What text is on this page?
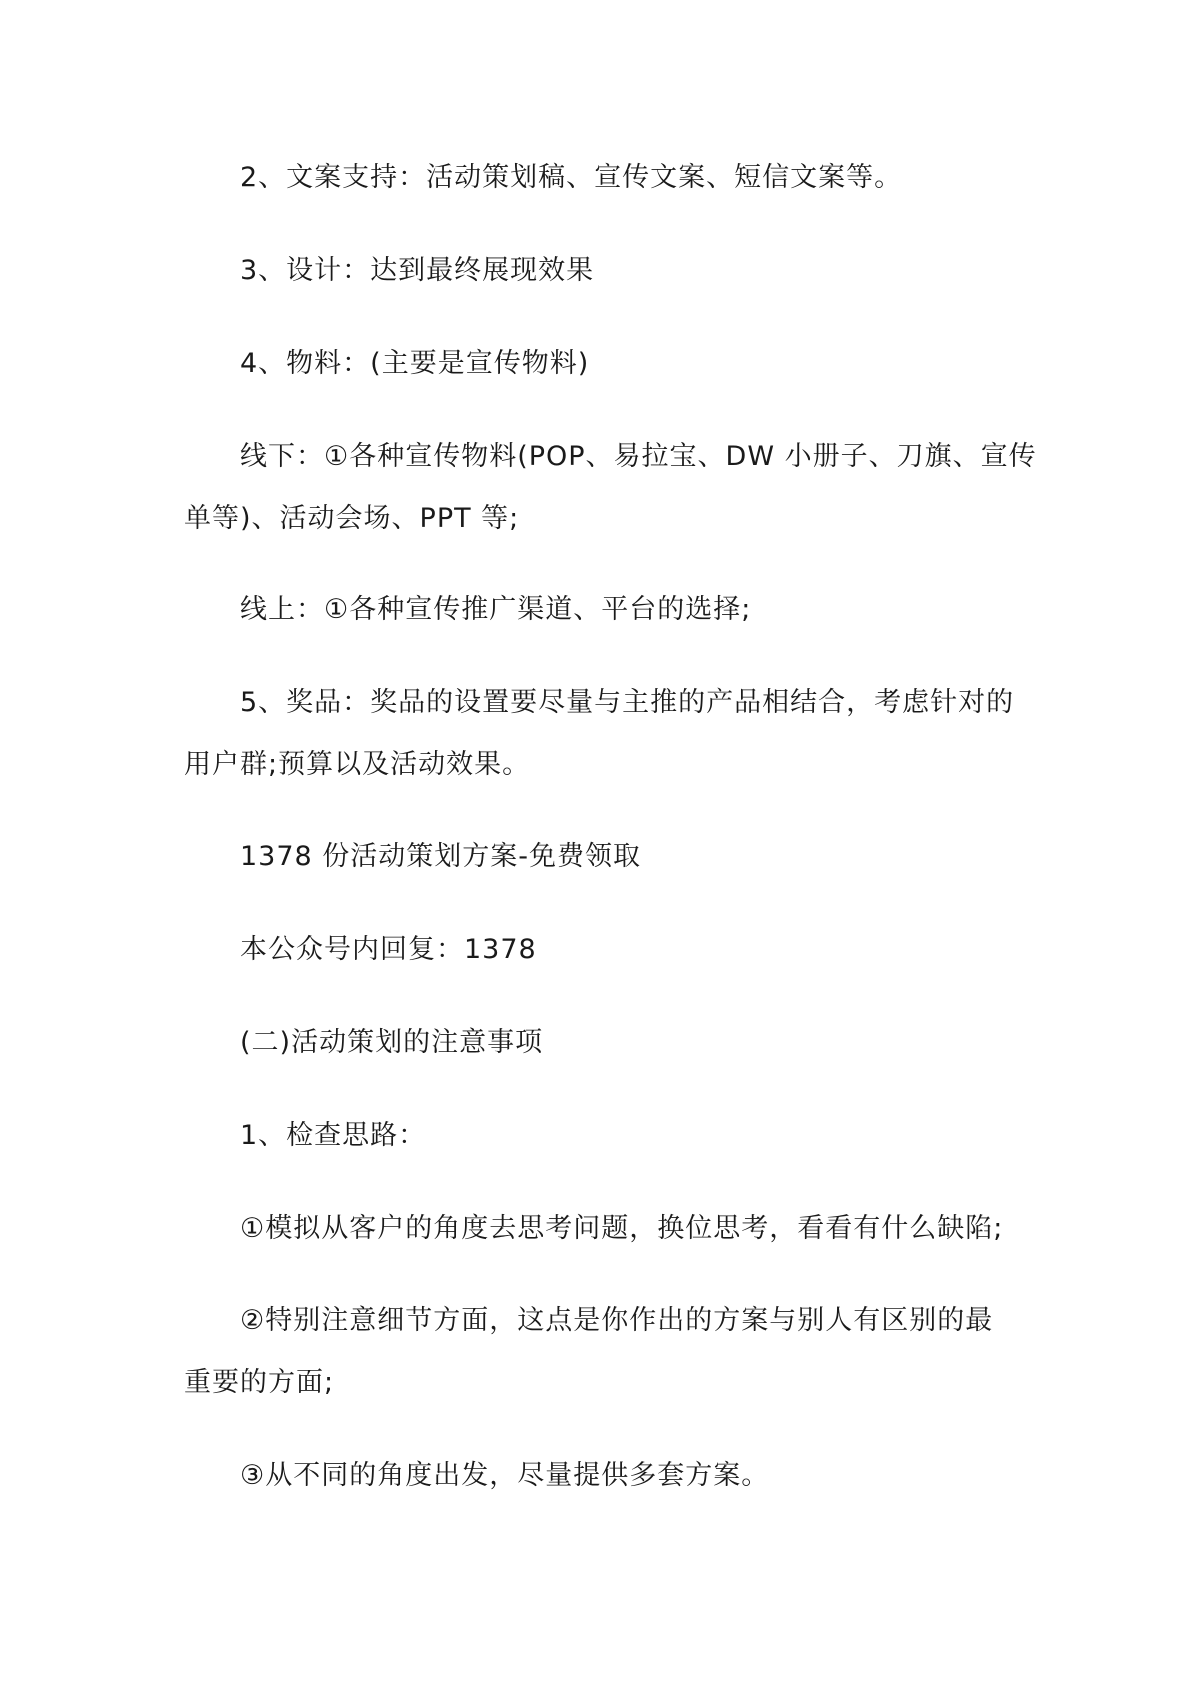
2、文案支持：活动策划稿、宣传文案、短信文案等。
3、设计：达到最终展现效果
4、物料：(主要是宣传物料)
线下：①各种宣传物料(POP、易拉宝、DW 小册子、刀旗、宣传
单等)、活动会场、PPT 等;
线上：①各种宣传推广渠道、平台的选择;
5、奖品：奖品的设置要尽量与主推的产品相结合，考虑针对的
用户群;预算以及活动效果。
1378 份活动策划方案-免费领取
本公众号内回复：1378
(二)活动策划的注意事项
1、检查思路：
①模拟从客户的角度去思考问题，换位思考，看看有什么缺陷;
②特别注意细节方面，这点是你作出的方案与别人有区别的最
重要的方面;
③从不同的角度出发，尽量提供多套方案。
